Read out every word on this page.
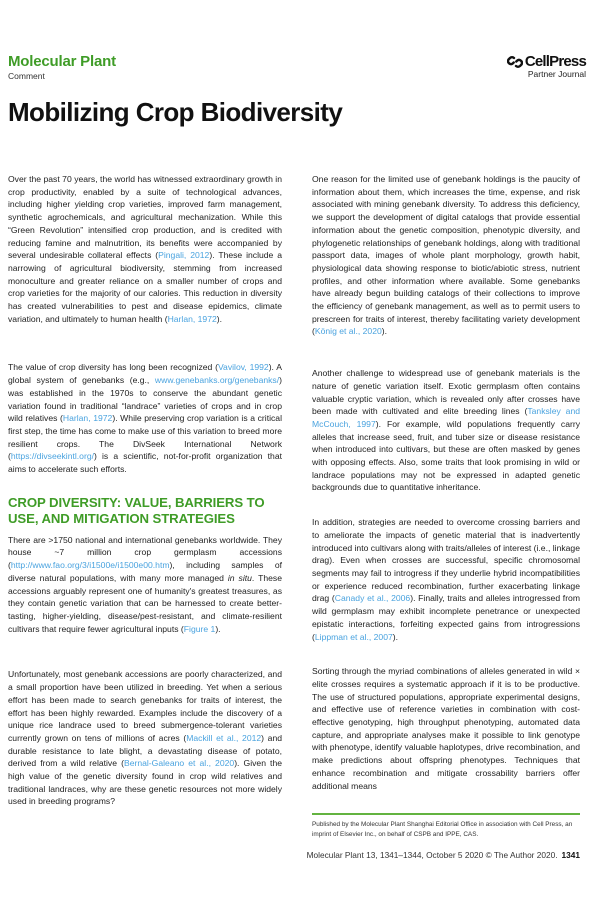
Molecular Plant
Comment
CellPress
Partner Journal
Mobilizing Crop Biodiversity

Over the past 70 years, the world has witnessed extraordinary growth in crop productivity, enabled by a suite of technological advances, including higher yielding crop varieties, improved farm management, synthetic agrochemicals, and agricultural mechanization. While this “Green Revolution” intensified crop production, and is credited with reducing famine and malnutrition, its benefits were accompanied by several undesirable collateral effects (Pingali, 2012). These include a narrowing of agricultural biodiversity, stemming from increased monoculture and greater reliance on a smaller number of crops and crop varieties for the majority of our calories. This reduction in diversity has created vulnerabilities to pest and disease epidemics, climate variation, and ultimately to human health (Harlan, 1972).

The value of crop diversity has long been recognized (Vavilov, 1992). A global system of genebanks (e.g., www.genebanks.org/genebanks/) was established in the 1970s to conserve the abundant genetic variation found in traditional “landrace” varieties of crops and in crop wild relatives (Harlan, 1972). While preserving crop variation is a critical first step, the time has come to make use of this variation to breed more resilient crops. The DivSeek International Network (https://divseekintl.org/) is a scientific, not-for-profit organization that aims to accelerate such efforts.

CROP DIVERSITY: VALUE, BARRIERS TO USE, AND MITIGATION STRATEGIES

There are >1750 national and international genebanks worldwide. They house ~7 million crop germplasm accessions (http://www.fao.org/3/i1500e/i1500e00.htm), including samples of diverse natural populations, with many more managed in situ. These accessions arguably represent one of humanity's greatest treasures, as they contain genetic variation that can be harnessed to create better-tasting, higher-yielding, disease/pest-resistant, and climate-resilient cultivars that require fewer agricultural inputs (Figure 1).

Unfortunately, most genebank accessions are poorly characterized, and a small proportion have been utilized in breeding. Yet when a serious effort has been made to search genebanks for traits of interest, the effort has been highly rewarded. Examples include the discovery of a unique rice landrace used to breed submergence-tolerant varieties currently grown on tens of millions of acres (Mackill et al., 2012) and durable resistance to late blight, a devastating disease of potato, derived from a wild relative (Bernal-Galeano et al., 2020). Given the high value of the genetic diversity found in crop wild relatives and traditional landraces, why are these genetic resources not more widely used in breeding programs?

One reason for the limited use of genebank holdings is the paucity of information about them, which increases the time, expense, and risk associated with mining genebank diversity. To address this deficiency, we support the development of digital catalogs that provide essential information about the genetic composition, phenotypic diversity, and phylogenetic relationships of genebank holdings, along with traditional passport data, images of whole plant morphology, growth habit, physiological data showing response to biotic/abiotic stress, nutrient profiles, and other information where available. Some genebanks have already begun building catalogs of their collections to improve the efficiency of genebank management, as well as to permit users to prescreen for traits of interest, thereby facilitating variety development (König et al., 2020).

Another challenge to widespread use of genebank materials is the nature of genetic variation itself. Exotic germplasm often contains valuable cryptic variation, which is revealed only after crosses have been made with cultivated and elite breeding lines (Tanksley and McCouch, 1997). For example, wild populations frequently carry alleles that increase seed, fruit, and tuber size or disease resistance when introduced into cultivars, but these are often masked by genes with opposing effects. Also, some traits that look promising in wild or landrace populations may not be expressed in adapted genetic backgrounds due to quantitative inheritance.

In addition, strategies are needed to overcome crossing barriers and to ameliorate the impacts of genetic material that is inadvertently introduced into cultivars along with traits/alleles of interest (i.e., linkage drag). Even when crosses are successful, specific chromosomal segments may fail to introgress if they underlie hybrid incompatibilities or experience reduced recombination, further exacerbating linkage drag (Canady et al., 2006). Finally, traits and alleles introgressed from wild germplasm may exhibit incomplete penetrance or unexpected epistatic interactions, forfeiting expected gains from introgressions (Lippman et al., 2007).

Sorting through the myriad combinations of alleles generated in wild × elite crosses requires a systematic approach if it is to be productive. The use of structured populations, appropriate experimental designs, and effective use of reference varieties in combination with cost-effective genotyping, high throughput phenotyping, automated data capture, and appropriate analyses make it possible to link genotype with phenotype, identify valuable haplotypes, drive recombination, and make predictions about offspring phenotypes. Techniques that enhance recombination and mitigate crossability barriers offer additional means

Published by the Molecular Plant Shanghai Editorial Office in association with Cell Press, an imprint of Elsevier Inc., on behalf of CSPB and IPPE, CAS.
Molecular Plant 13, 1341–1344, October 5 2020 © The Author 2020. 1341
